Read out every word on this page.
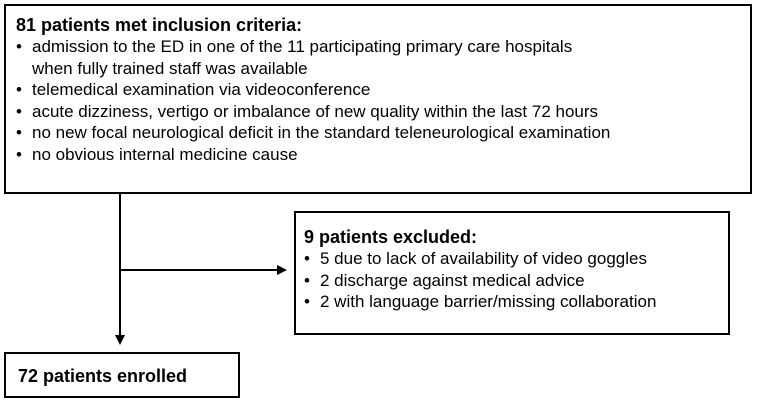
81 patients met inclusion criteria:

• admission to the ED in one of the 11 participating primary care hospitals
when fully trained staff was available
• telemedical examination via videoconference
• acute dizziness, vertigo or imbalance of new quality within the last 72 hours
• no new focal neurological deficit in the standard teleneurological examination
• no obvious internal medicine cause

9 patients excluded:

• 5 due to lack of availability of video goggles
• 2 discharge against medical advice
• 2 with language barrier/missing collaboration

72 patients enrolled
